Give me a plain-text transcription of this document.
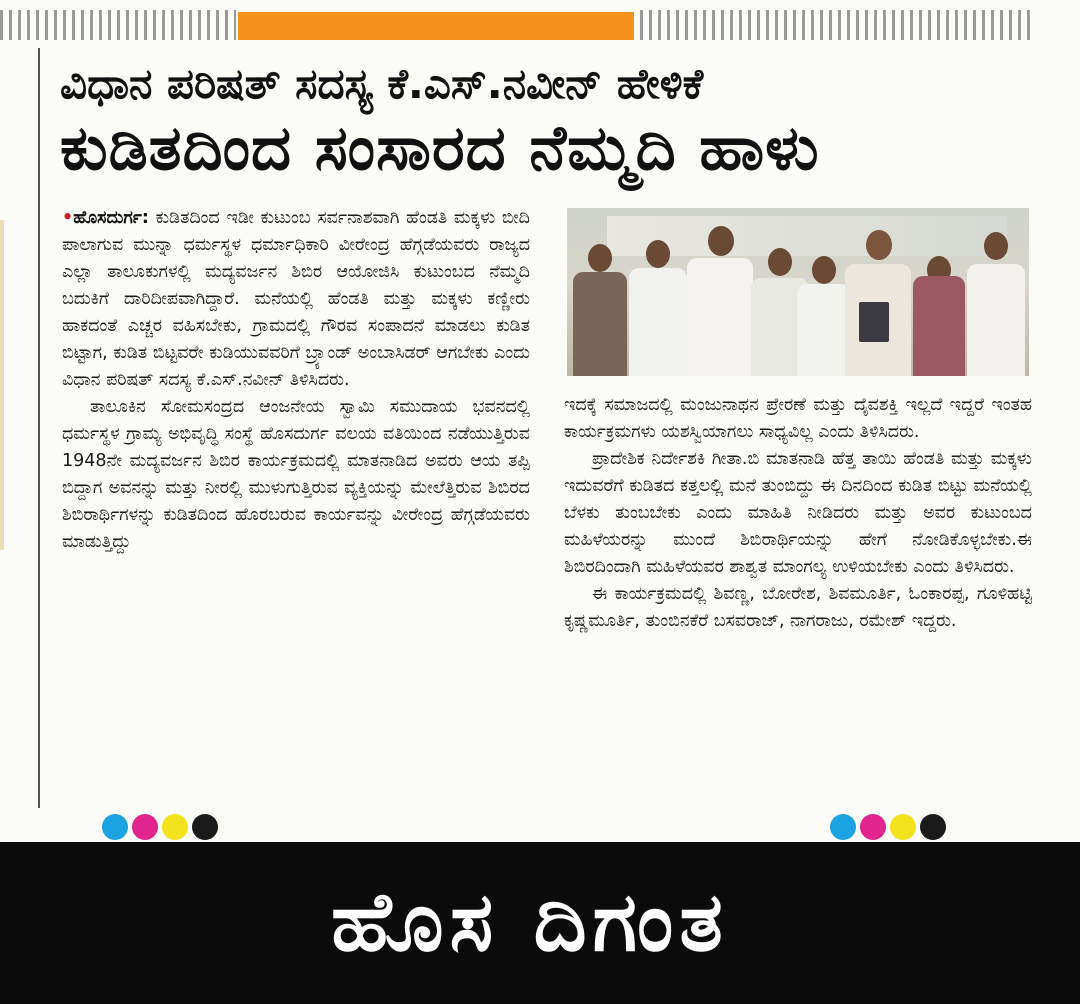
ವಿಧಾನ ಪರಿಷತ್ ಸದಸ್ಯ ಕೆ.ಎಸ್.ನವೀನ್ ಹೇಳಿಕೆ
ಕುಡಿತದಿಂದ ಸಂಸಾರದ ನೆಮ್ಮದಿ ಹಾಳು

•ಹೊಸದುರ್ಗ: ಕುಡಿತದಿಂದ ಇಡೀ ಕುಟುಂಬ ಸರ್ವನಾಶವಾಗಿ ಹೆಂಡತಿ ಮಕ್ಕಳು ಬೀದಿ ಪಾಲಾಗುವ ಮುನ್ನಾ ಧರ್ಮಸ್ಥಳ ಧರ್ಮಾಧಿಕಾರಿ ವೀರೇಂದ್ರ ಹೆಗ್ಗಡೆಯವರು ರಾಜ್ಯದ ಎಲ್ಲಾ ತಾಲೂಕುಗಳಲ್ಲಿ ಮದ್ಯವರ್ಜನ ಶಿಬಿರ ಆಯೋಜಿಸಿ ಕುಟುಂಬದ ನೆಮ್ಮದಿ ಬದುಕಿಗೆ ದಾರಿದೀಪವಾಗಿದ್ದಾರೆ. ಮನೆಯಲ್ಲಿ ಹೆಂಡತಿ ಮತ್ತು ಮಕ್ಕಳು ಕಣ್ಣೀರು ಹಾಕದಂತೆ ಎಚ್ಚರ ವಹಿಸಬೇಕು, ಗ್ರಾಮದಲ್ಲಿ ಗೌರವ ಸಂಪಾದನೆ ಮಾಡಲು ಕುಡಿತ ಬಿಟ್ಟಾಗ, ಕುಡಿತ ಬಿಟ್ಟವರೇ ಕುಡಿಯುವವರಿಗೆ ಬ್ರ್ಯಾಂಡ್ ಅಂಬಾಸಿಡರ್ ಆಗಬೇಕು ಎಂದು ವಿಧಾನ ಪರಿಷತ್ ಸದಸ್ಯ ಕೆ.ಎಸ್.ನವೀನ್ ತಿಳಿಸಿದರು.

ತಾಲೂಕಿನ ಸೋಮಸಂದ್ರದ ಆಂಜನೇಯ ಸ್ವಾಮಿ ಸಮುದಾಯ ಭವನದಲ್ಲಿ ಧರ್ಮಸ್ಥಳ ಗ್ರಾಮ್ಯ ಅಭಿವೃದ್ಧಿ ಸಂಸ್ಥೆ ಹೊಸದುರ್ಗ ವಲಯ ವತಿಯಿಂದ ನಡೆಯುತ್ತಿರುವ 1948ನೇ ಮದ್ಯವರ್ಜನ ಶಿಬಿರ ಕಾರ್ಯಕ್ರಮದಲ್ಲಿ ಮಾತನಾಡಿದ ಅವರು ಆಯ ತಪ್ಪಿ ಬಿದ್ದಾಗ ಅವನನ್ನು ಮತ್ತು ನೀರಲ್ಲಿ ಮುಳುಗುತ್ತಿರುವ ವ್ಯಕ್ತಿಯನ್ನು ಮೇಲೆತ್ತಿರುವ ಶಿಬಿರದ ಶಿಬಿರಾರ್ಥಿಗಳನ್ನು ಕುಡಿತದಿಂದ ಹೊರಬರುವ ಕಾರ್ಯವನ್ನು ವೀರೇಂದ್ರ ಹೆಗ್ಗಡೆಯವರು ಮಾಡುತ್ತಿದ್ದು

ಇದಕ್ಕೆ ಸಮಾಜದಲ್ಲಿ ಮಂಜುನಾಥನ ಪ್ರೇರಣೆ ಮತ್ತು ದೈವಶಕ್ತಿ ಇಲ್ಲದೆ ಇದ್ದರೆ ಇಂತಹ ಕಾರ್ಯಕ್ರಮಗಳು ಯಶಸ್ವಿಯಾಗಲು ಸಾಧ್ಯವಿಲ್ಲ ಎಂದು ತಿಳಿಸಿದರು.

ಪ್ರಾದೇಶಿಕ ನಿರ್ದೇಶಕಿ ಗೀತಾ.ಬಿ ಮಾತನಾಡಿ ಹೆತ್ತ ತಾಯಿ ಹೆಂಡತಿ ಮತ್ತು ಮಕ್ಕಳು ಇದುವರೆಗೆ ಕುಡಿತದ ಕತ್ತಲಲ್ಲಿ ಮನೆ ತುಂಬಿದ್ದು ಈ ದಿನದಿಂದ ಕುಡಿತ ಬಿಟ್ಟು ಮನೆಯಲ್ಲಿ ಬೆಳಕು ತುಂಬಬೇಕು ಎಂದು ಮಾಹಿತಿ ನೀಡಿದರು ಮತ್ತು ಅವರ ಕುಟುಂಬದ ಮಹಿಳೆಯರನ್ನು ಮುಂದೆ ಶಿಬಿರಾರ್ಥಿಯನ್ನು ಹೇಗೆ ನೋಡಿಕೊಳ್ಳಬೇಕು.ಈ ಶಿಬಿರದಿಂದಾಗಿ ಮಹಿಳೆಯವರ ಶಾಶ್ವತ ಮಾಂಗಲ್ಯ ಉಳಿಯಬೇಕು ಎಂದು ತಿಳಿಸಿದರು.

ಈ ಕಾರ್ಯಕ್ರಮದಲ್ಲಿ ಶಿವಣ್ಣ, ಬೋರೇಶ, ಶಿವಮೂರ್ತಿ, ಓಂಕಾರಪ್ಪ, ಗೂಳಿಹಟ್ಟಿ ಕೃಷ್ಣಮೂರ್ತಿ, ತುಂಬಿನಕೆರೆ ಬಸವರಾಜ್, ನಾಗರಾಜು, ರಮೇಶ್ ಇದ್ದರು.

ಹೊಸ ದಿಗಂತ
